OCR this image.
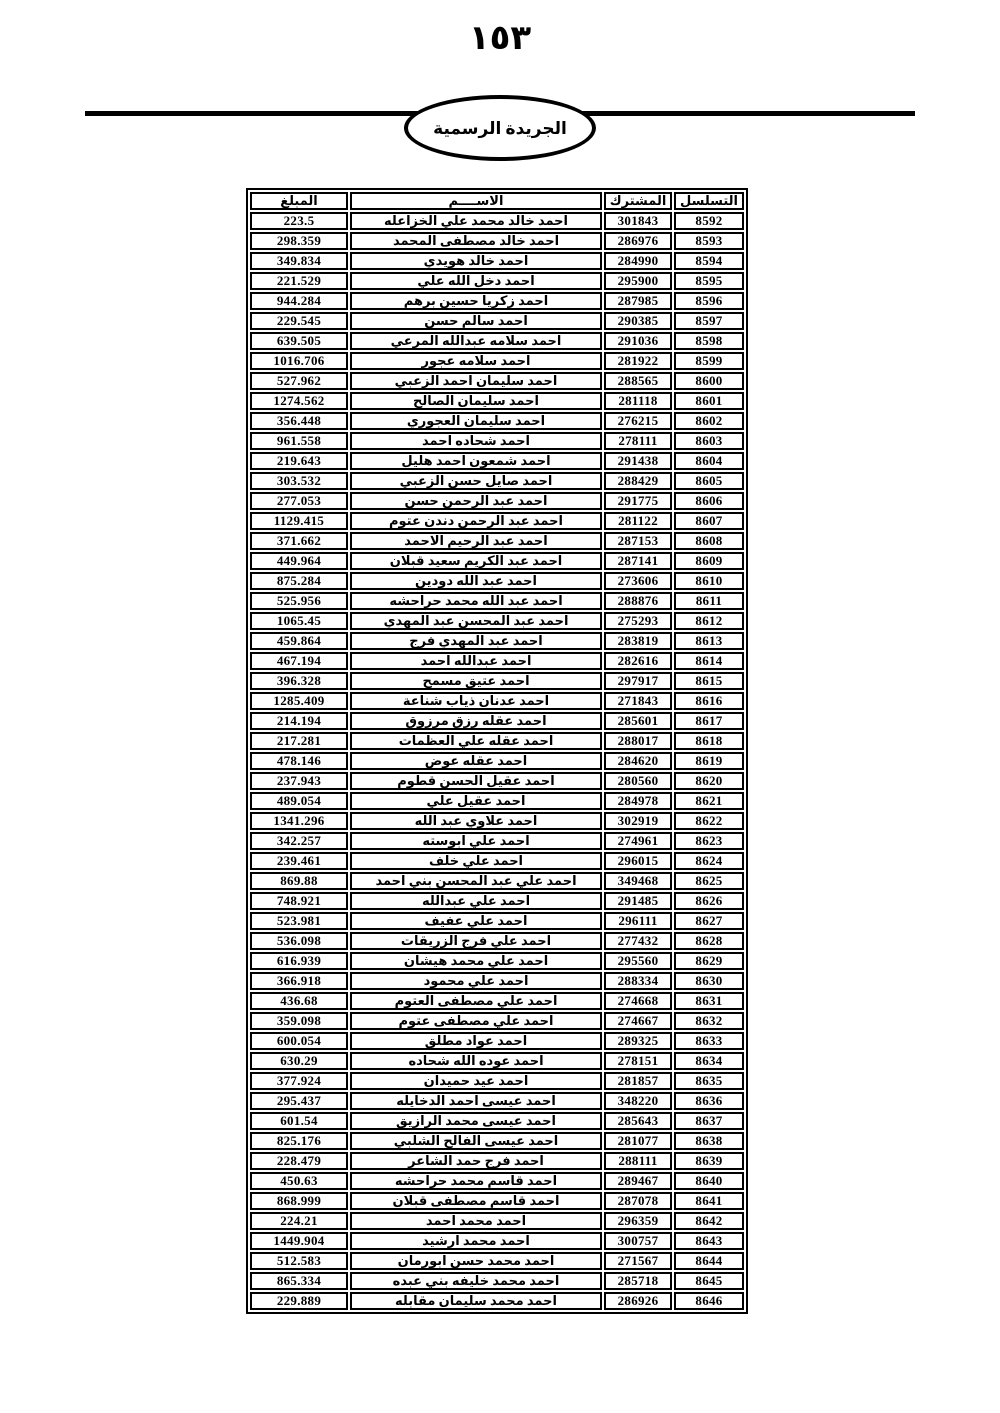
١٥٣
الجريدة الرسمية
التسلسل	المشترك	الاســــم	المبلغ
8592	301843	احمد خالد محمد علي الخزاعله	223.5
8593	286976	احمد خالد مصطفى المحمد	298.359
8594	284990	احمد خالد هويدي	349.834
8595	295900	احمد دخل الله علي	221.529
8596	287985	احمد زكريا حسين برهم	944.284
8597	290385	احمد سالم حسن	229.545
8598	291036	احمد سلامه عبدالله المرعي	639.505
8599	281922	احمد سلامه عجور	1016.706
8600	288565	احمد سليمان احمد الزعبي	527.962
8601	281118	احمد سليمان الصالح	1274.562
8602	276215	احمد سليمان العجوري	356.448
8603	278111	احمد شحاده احمد	961.558
8604	291438	احمد شمعون احمد هليل	219.643
8605	288429	احمد صايل حسن الزعبي	303.532
8606	291775	احمد عبد الرحمن حسن	277.053
8607	281122	احمد عبد الرحمن دندن عتوم	1129.415
8608	287153	احمد عبد الرحيم الاحمد	371.662
8609	287141	احمد عبد الكريم سعيد قبلان	449.964
8610	273606	احمد عبد الله دودين	875.284
8611	288876	احمد عبد الله محمد حراحشه	525.956
8612	275293	احمد عبد المحسن عبد المهدي	1065.45
8613	283819	احمد عبد المهدي فرج	459.864
8614	282616	احمد عبدالله احمد	467.194
8615	297917	احمد عتيق مسمح	396.328
8616	271843	احمد عدنان ذياب شناعة	1285.409
8617	285601	احمد عقله رزق مرزوق	214.194
8618	288017	احمد عقله علي العظمات	217.281
8619	284620	احمد عقله عوض	478.146
8620	280560	احمد عقيل الحسن قطوم	237.943
8621	284978	احمد عقيل علي	489.054
8622	302919	احمد علاوي عبد الله	1341.296
8623	274961	احمد علي ابوسته	342.257
8624	296015	احمد علي خلف	239.461
8625	349468	احمد علي عبد المحسن بني احمد	869.88
8626	291485	احمد علي عبدالله	748.921
8627	296111	احمد علي عفيف	523.981
8628	277432	احمد علي فرج الزريقات	536.098
8629	295560	احمد علي محمد هيشان	616.939
8630	288334	احمد علي محمود	366.918
8631	274668	احمد علي مصطفى العتوم	436.68
8632	274667	احمد علي مصطفى عتوم	359.098
8633	289325	احمد عواد مطلق	600.054
8634	278151	احمد عوده الله شحاده	630.29
8635	281857	احمد عيد حميدان	377.924
8636	348220	احمد عيسى احمد الدخايله	295.437
8637	285643	احمد عيسى محمد الرازيق	601.54
8638	281077	احمد عيسى الفالح الشلبي	825.176
8639	288111	احمد فرج حمد الشاعر	228.479
8640	289467	احمد قاسم محمد حراحشه	450.63
8641	287078	احمد قاسم مصطفى قبلان	868.999
8642	296359	احمد محمد احمد	224.21
8643	300757	احمد محمد ارشيد	1449.904
8644	271567	احمد محمد حسن ابورمان	512.583
8645	285718	احمد محمد خليفه بني عبده	865.334
8646	286926	احمد محمد سليمان مقابله	229.889
